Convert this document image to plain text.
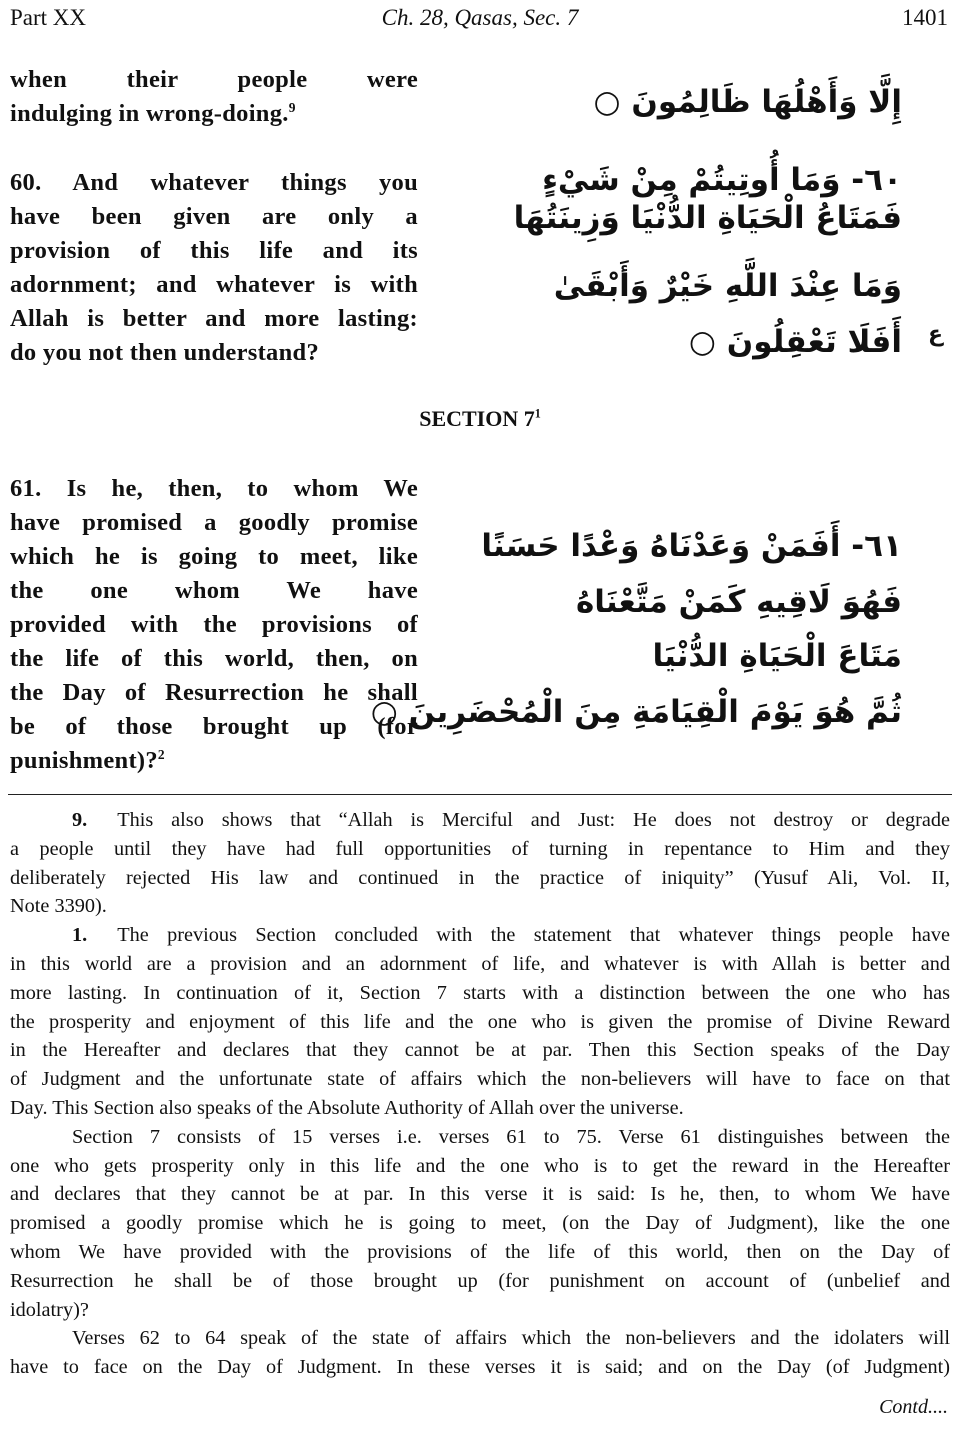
Part XX	Ch. 28, Qasas, Sec. 7	1401
when their people were
indulging in wrong-doing.$^9$
60. And whatever things you
have been given are only a
provision of this life and its
adornment; and whatever is with
Allah is better and more lasting:
do you not then understand?
إِلَّا وَأَهْلُهَا ظَالِمُونَ ○
٦٠- وَمَا أُوتِيتُمْ مِنْ شَيْءٍ
فَمَتَاعُ الْحَيَاةِ الدُّنْيَا وَزِينَتُهَا
وَمَا عِنْدَ اللَّهِ خَيْرٌ وَأَبْقَىٰ
أَفَلَا تَعْقِلُونَ ○ ع
SECTION $7^1$
61. Is he, then, to whom We
have promised a goodly promise
which he is going to meet, like
the one whom We have
provided with the provisions of
the life of this world, then, on
the Day of Resurrection he shall
be of those brought up (for
punishment)?$^2$
٦١- أَفَمَنْ وَعَدْنَاهُ وَعْدًا حَسَنًا
فَهُوَ لَاقِيهِ كَمَنْ مَتَّعْنَاهُ
مَتَاعَ الْحَيَاةِ الدُّنْيَا
ثُمَّ هُوَ يَوْمَ الْقِيَامَةِ مِنَ الْمُحْضَرِينَ ○
9. This also shows that “Allah is Merciful and Just: He does not destroy or degrade
a people until they have had full opportunities of turning in repentance to Him and they
deliberately rejected His law and continued in the practice of iniquity” (Yusuf Ali, Vol. II,
Note 3390).
1. The previous Section concluded with the statement that whatever things people have
in this world are a provision and an adornment of life, and whatever is with Allah is better and
more lasting. In continuation of it, Section 7 starts with a distinction between the one who has
the prosperity and enjoyment of this life and the one who is given the promise of Divine Reward
in the Hereafter and declares that they cannot be at par. Then this Section speaks of the Day
of Judgment and the unfortunate state of affairs which the non-believers will have to face on that
Day. This Section also speaks of the Absolute Authority of Allah over the universe.
Section 7 consists of 15 verses i.e. verses 61 to 75. Verse 61 distinguishes between the
one who gets prosperity only in this life and the one who is to get the reward in the Hereafter
and declares that they cannot be at par. In this verse it is said: Is he, then, to whom We have
promised a goodly promise which he is going to meet, (on the Day of Judgment), like the one
whom We have provided with the provisions of the life of this world, then on the Day of
Resurrection he shall be of those brought up (for punishment on account of (unbelief and
idolatry)?
Verses 62 to 64 speak of the state of affairs which the non-believers and the idolaters will
have to face on the Day of Judgment. In these verses it is said; and on the Day (of Judgment)
Contd....
